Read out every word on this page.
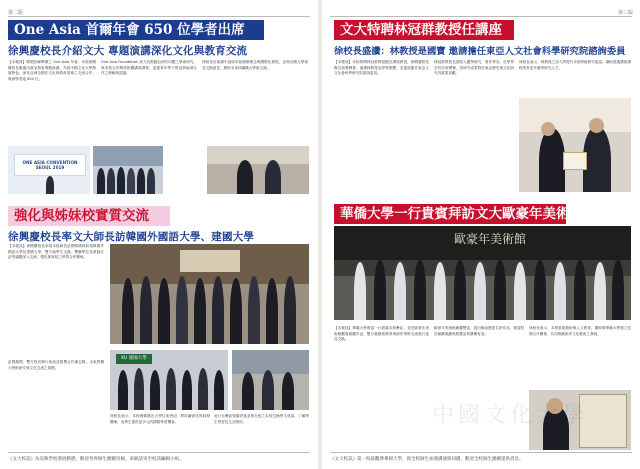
第二版
One Asia 首爾年會 650 位學者出席
徐興慶校長介紹文大 專題演講深化文化與教育交流
【本報訊】韓國首爾舉辦之 One Asia 年會，本校徐興慶校長應邀出席並發表專題演講，介紹中國文化大學發展特色，深化亞洲各國在文化與教育領域之交流合作，與會學者逾 650 位。
One Asia Foundation 致力於推動亞洲共同體之學術研究，與本校合作開設相關講座課程，促進青年學子對亞洲區域合作之理解與認識。
徐校長於演講中說明本校創辦理念與國際化發展，並與各國大學校長交換意見，期盼未來持續擴大學術交流。
ONE ASIA CONVENTION SEOUL 2019
強化與姊妹校實質交流
徐興慶校長率文大師長訪韓國外國語大學、建國大學
【本報訊】徐興慶校長率領本校師長訪問韓國姊妹校韓國外國語大學及建國大學，雙方就學生交換、雙聯學位及教師互訪等議題深入交流，強化姊妹校之實質合作關係。
訪問期間，雙方校長舉行會談並簽署合作備忘錄，未來將擴大學術研究與文化交流之規模。
KU 建國大學
徐校長表示，本校與韓國各大學往來密切，將持續深化姊妹校關係，為學生提供更多元的國際學習機會。
此行亦參訪校園設施並與在校之本校交換學生座談，了解學生學習及生活情形。
《文大校訊》為反映學校發展動態，歡迎各界師生踴躍投稿，來稿請寄至校訊編輯小組。
第三版
文大特聘林冠群教授任講座
徐校長盛讚：林教授是國寶 邀請擔任東亞人文社會科學研究院諮詢委員
【本報訊】本校特聘林冠群教授擔任講座教授，徐興慶校長親自頒發聘書，盛讚林教授為學界國寶，並邀請擔任東亞人文社會科學研究院諮詢委員。
林冠群教授長期投入藏學研究，著作等身，於學界享有崇高聲譽，其研究成果對於東亞歷史與文化研究具重要貢獻。
徐校長表示，林教授之加入將提升本校學術研究能量，期盼透過講座課程培育更多優秀研究人才。
華僑大學一行貴賓拜訪文大歐豪年美術館
歐豪年美術館
【本報訊】華僑大學貴賓一行蒞臨本校參訪，並至歐豪年美術館觀賞館藏作品，雙方就藝術教育與兩岸學術交流進行意見交換。
歐豪年美術館館藏豐富，展出嶺南畫派名家作品，貴賓對於館藏規劃與展覽品質讚譽有加。
徐校長表示，本校重視藝術與人文教育，期盼與華僑大學建立長期合作關係，共同推動兩岸文化藝術之發展。
中國文化大學
《文大校訊》第一校區觀摩華岡大學，與全校師生加強溝通與回饋，歡迎全校師生踴躍提供消息。
